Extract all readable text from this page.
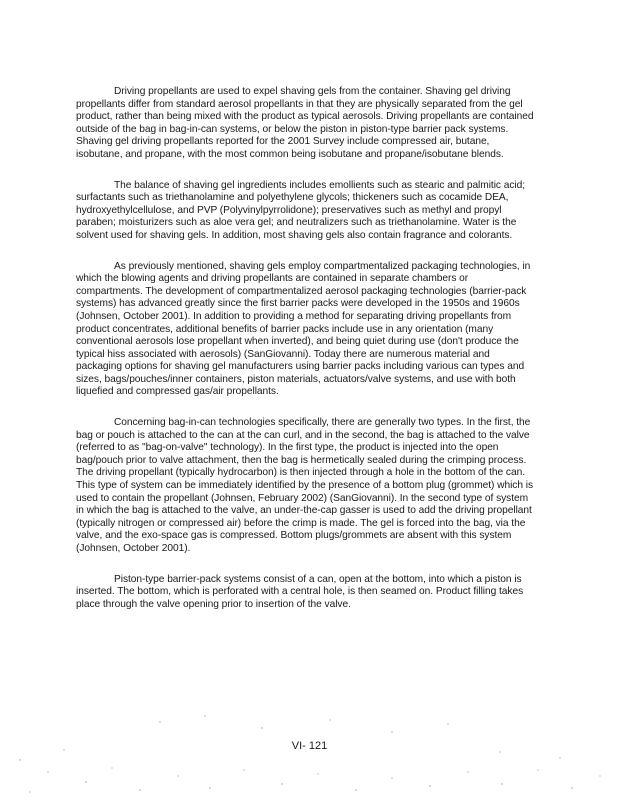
Driving propellants are used to expel shaving gels from the container. Shaving gel driving propellants differ from standard aerosol propellants in that they are physically separated from the gel product, rather than being mixed with the product as typical aerosols. Driving propellants are contained outside of the bag in bag-in-can systems, or below the piston in piston-type barrier pack systems. Shaving gel driving propellants reported for the 2001 Survey include compressed air, butane, isobutane, and propane, with the most common being isobutane and propane/isobutane blends.

The balance of shaving gel ingredients includes emollients such as stearic and palmitic acid; surfactants such as triethanolamine and polyethylene glycols; thickeners such as cocamide DEA, hydroxyethylcellulose, and PVP (Polyvinylpyrrolidone); preservatives such as methyl and propyl paraben; moisturizers such as aloe vera gel; and neutralizers such as triethanolamine. Water is the solvent used for shaving gels. In addition, most shaving gels also contain fragrance and colorants.

As previously mentioned, shaving gels employ compartmentalized packaging technologies, in which the blowing agents and driving propellants are contained in separate chambers or compartments. The development of compartmentalized aerosol packaging technologies (barrier-pack systems) has advanced greatly since the first barrier packs were developed in the 1950s and 1960s (Johnsen, October 2001). In addition to providing a method for separating driving propellants from product concentrates, additional benefits of barrier packs include use in any orientation (many conventional aerosols lose propellant when inverted), and being quiet during use (don't produce the typical hiss associated with aerosols) (SanGiovanni). Today there are numerous material and packaging options for shaving gel manufacturers using barrier packs including various can types and sizes, bags/pouches/inner containers, piston materials, actuators/valve systems, and use with both liquefied and compressed gas/air propellants.

Concerning bag-in-can technologies specifically, there are generally two types. In the first, the bag or pouch is attached to the can at the can curl, and in the second, the bag is attached to the valve (referred to as "bag-on-valve" technology). In the first type, the product is injected into the open bag/pouch prior to valve attachment, then the bag is hermetically sealed during the crimping process. The driving propellant (typically hydrocarbon) is then injected through a hole in the bottom of the can. This type of system can be immediately identified by the presence of a bottom plug (grommet) which is used to contain the propellant (Johnsen, February 2002) (SanGiovanni). In the second type of system in which the bag is attached to the valve, an under-the-cap gasser is used to add the driving propellant (typically nitrogen or compressed air) before the crimp is made. The gel is forced into the bag, via the valve, and the exo-space gas is compressed. Bottom plugs/grommets are absent with this system (Johnsen, October 2001).

Piston-type barrier-pack systems consist of a can, open at the bottom, into which a piston is inserted. The bottom, which is perforated with a central hole, is then seamed on. Product filling takes place through the valve opening prior to insertion of the valve.

VI- 121
